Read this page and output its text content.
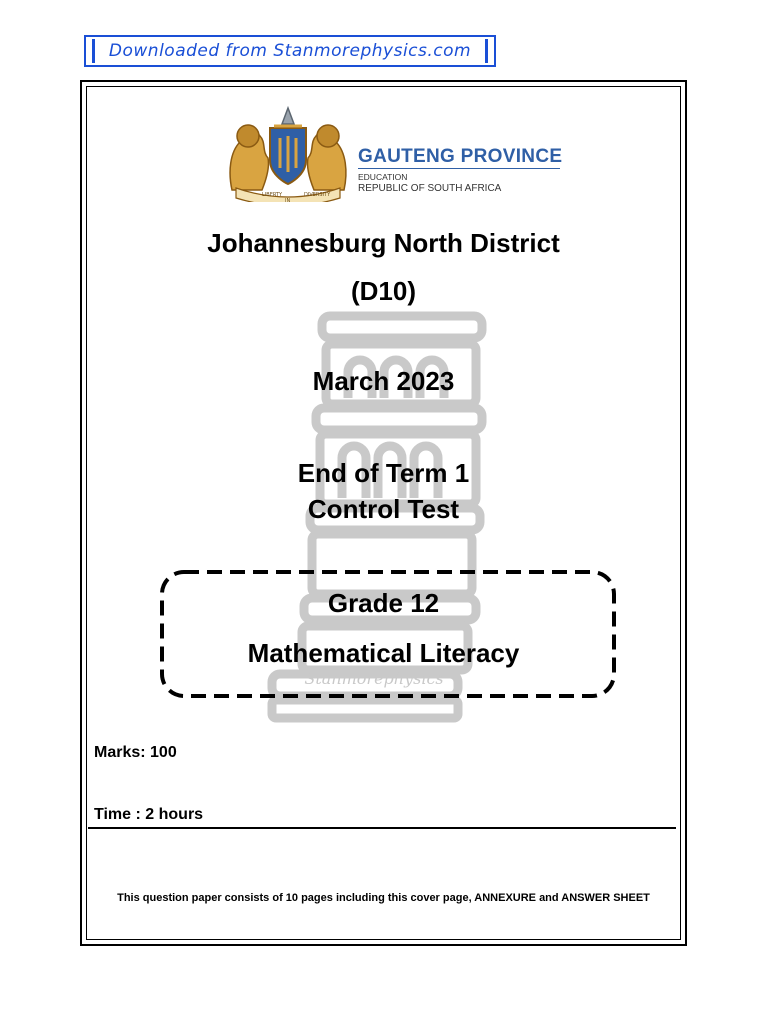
Downloaded from Stanmorephysics.com
Stanmorephysics
LIBERTY
IN
DIVERSITY
GAUTENG PROVINCE
EDUCATION
REPUBLIC OF SOUTH AFRICA
Johannesburg North District
(D10)
March 2023
End of Term 1
Control Test
Grade 12
Mathematical Literacy
Marks: 100
Time : 2 hours
This question paper consists of 10 pages including this cover page, ANNEXURE and ANSWER SHEET
